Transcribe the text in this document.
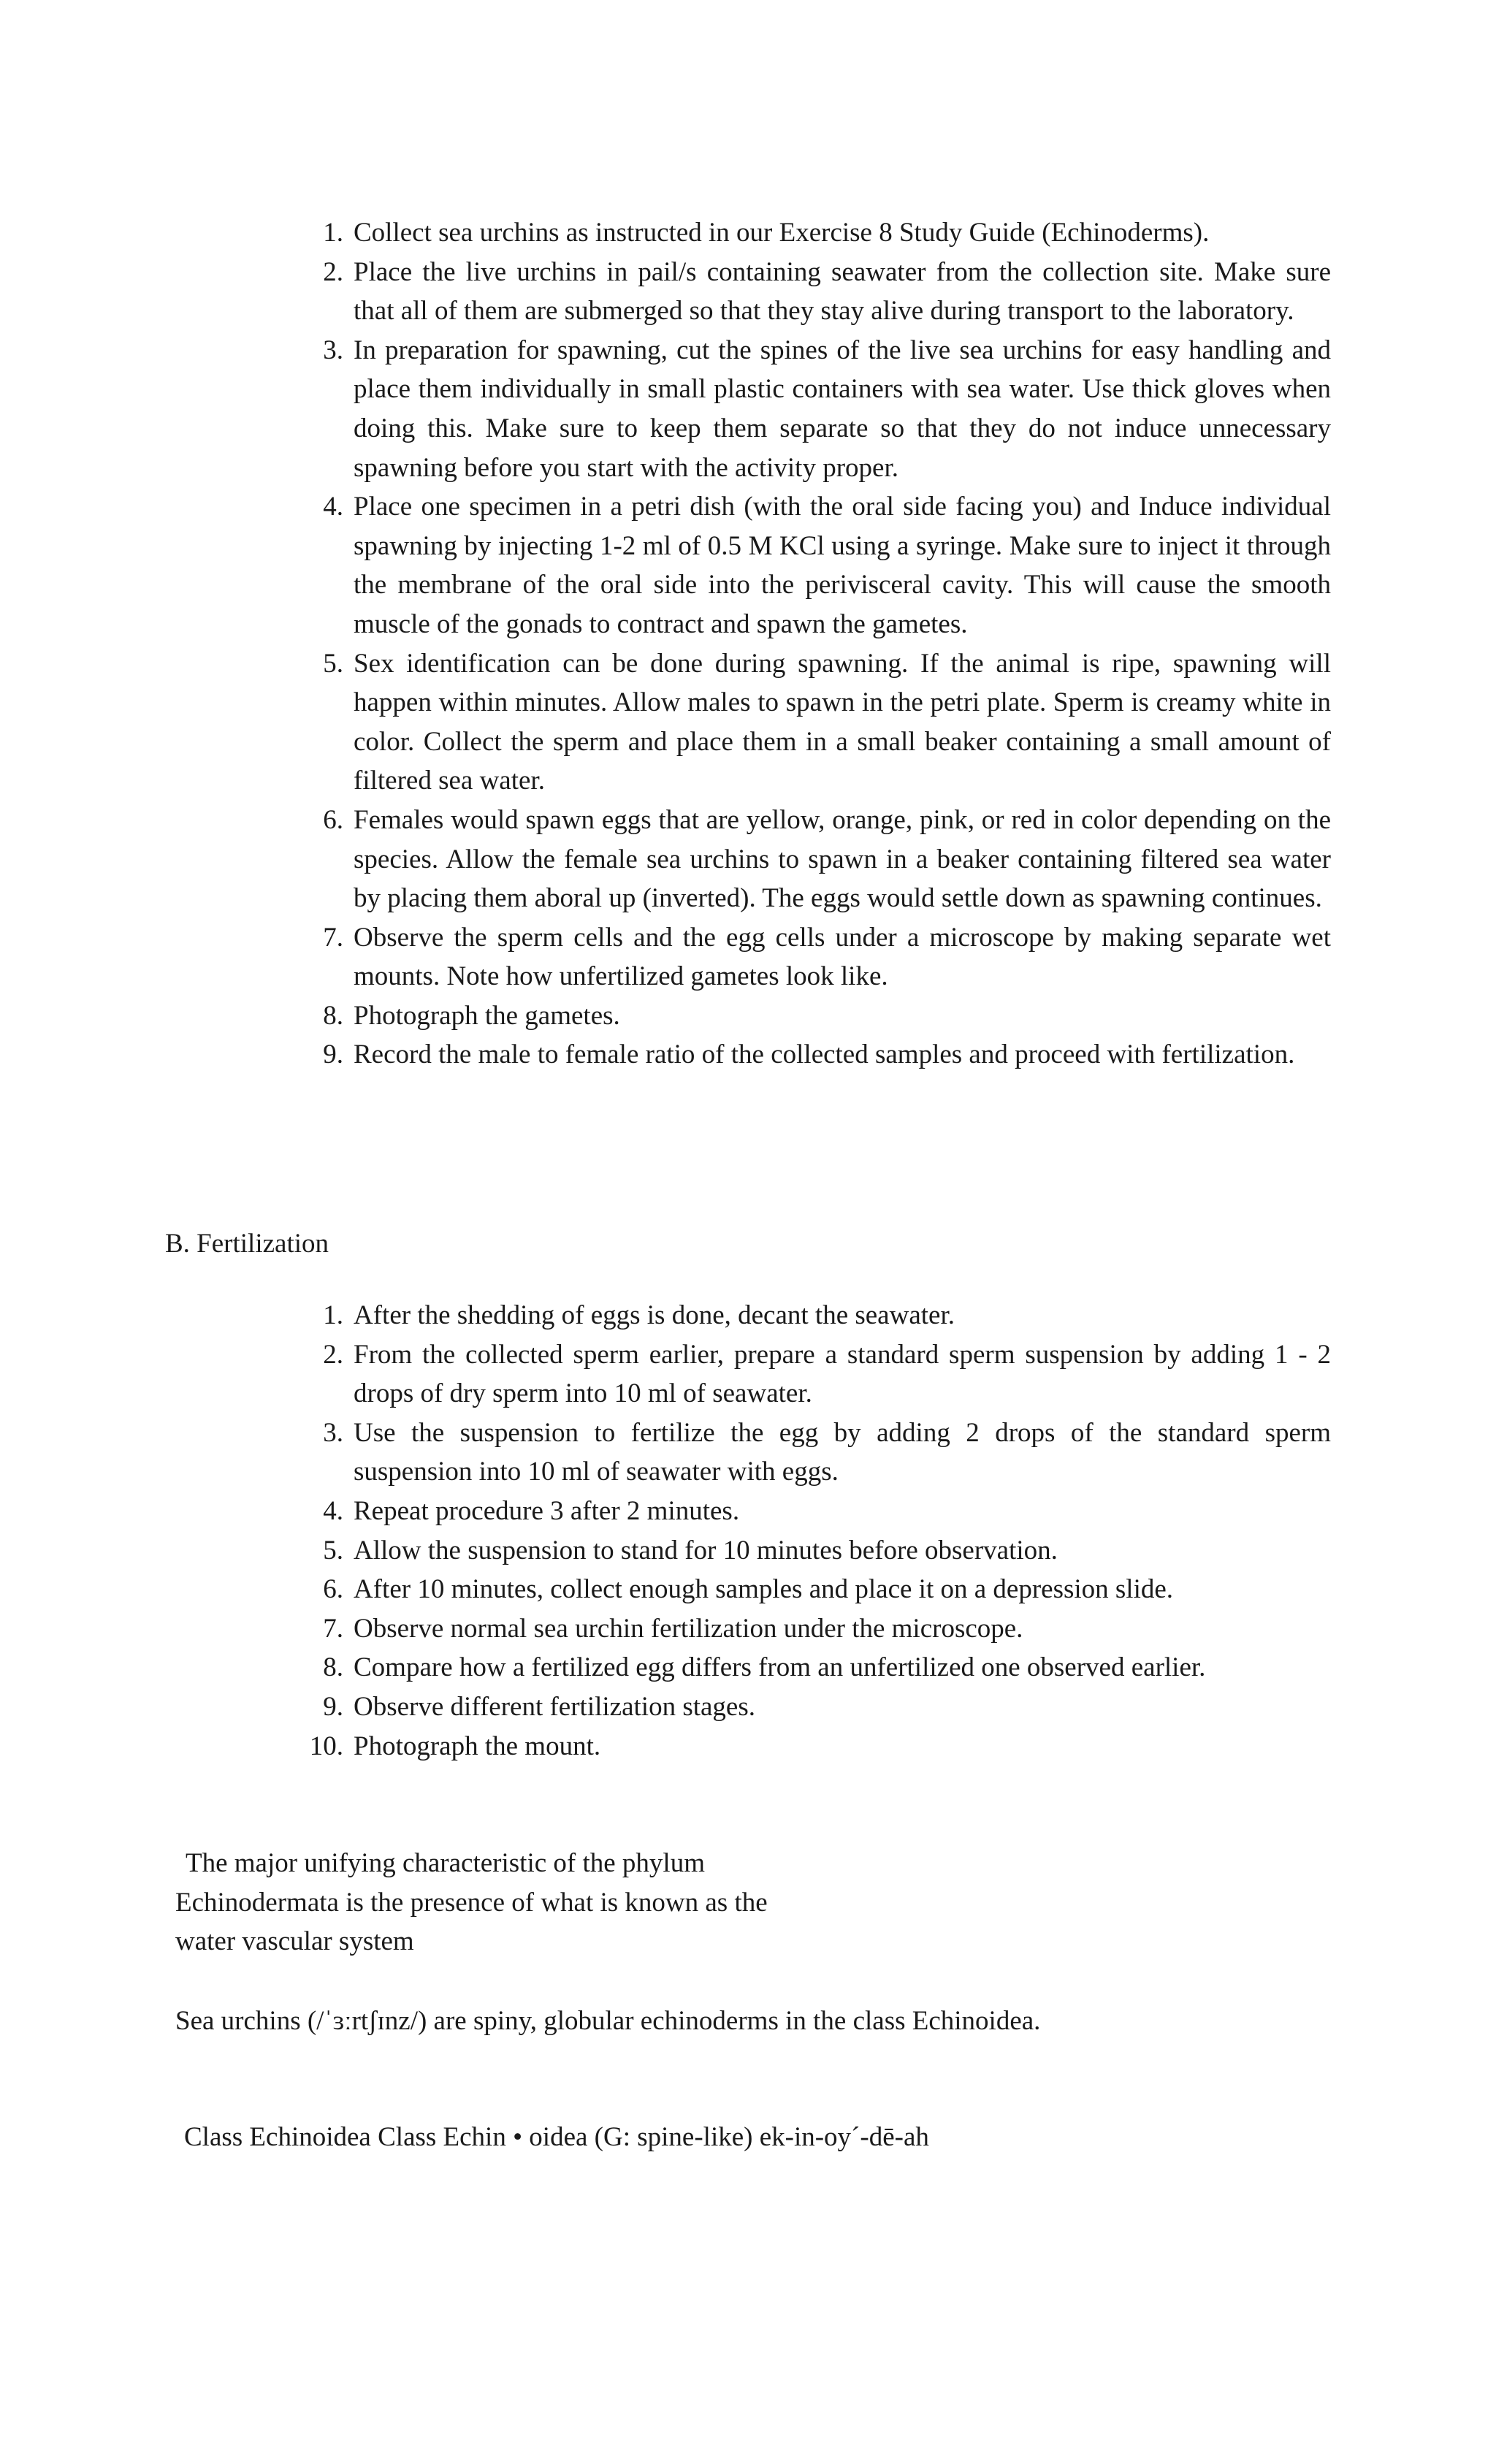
1. Collect sea urchins as instructed in our Exercise 8 Study Guide (Echinoderms).
2. Place the live urchins in pail/s containing seawater from the collection site. Make sure that all of them are submerged so that they stay alive during transport to the laboratory.
3. In preparation for spawning, cut the spines of the live sea urchins for easy handling and place them individually in small plastic containers with sea water. Use thick gloves when doing this. Make sure to keep them separate so that they do not induce unnecessary spawning before you start with the activity proper.
4. Place one specimen in a petri dish (with the oral side facing you) and Induce individual spawning by injecting 1-2 ml of 0.5 M KCl using a syringe. Make sure to inject it through the membrane of the oral side into the perivisceral cavity. This will cause the smooth muscle of the gonads to contract and spawn the gametes.
5. Sex identification can be done during spawning. If the animal is ripe, spawning will happen within minutes. Allow males to spawn in the petri plate. Sperm is creamy white in color. Collect the sperm and place them in a small beaker containing a small amount of filtered sea water.
6. Females would spawn eggs that are yellow, orange, pink, or red in color depending on the species. Allow the female sea urchins to spawn in a beaker containing filtered sea water by placing them aboral up (inverted). The eggs would settle down as spawning continues.
7. Observe the sperm cells and the egg cells under a microscope by making separate wet mounts. Note how unfertilized gametes look like.
8. Photograph the gametes.
9. Record the male to female ratio of the collected samples and proceed with fertilization.
B. Fertilization
1. After the shedding of eggs is done, decant the seawater.
2. From the collected sperm earlier, prepare a standard sperm suspension by adding 1 - 2 drops of dry sperm into 10 ml of seawater.
3. Use the suspension to fertilize the egg by adding 2 drops of the standard sperm suspension into 10 ml of seawater with eggs.
4. Repeat procedure 3 after 2 minutes.
5. Allow the suspension to stand for 10 minutes before observation.
6. After 10 minutes, collect enough samples and place it on a depression slide.
7. Observe normal sea urchin fertilization under the microscope.
8. Compare how a fertilized egg differs from an unfertilized one observed earlier.
9. Observe different fertilization stages.
10. Photograph the mount.
The major unifying characteristic of the phylum
Echinodermata is the presence of what is known as the
water vascular system
Sea urchins (/ˈɜːrtʃɪnz/) are spiny, globular echinoderms in the class Echinoidea.
Class Echinoidea Class Echin • oidea (G: spine-like) ek-in-oy´-dē-ah
